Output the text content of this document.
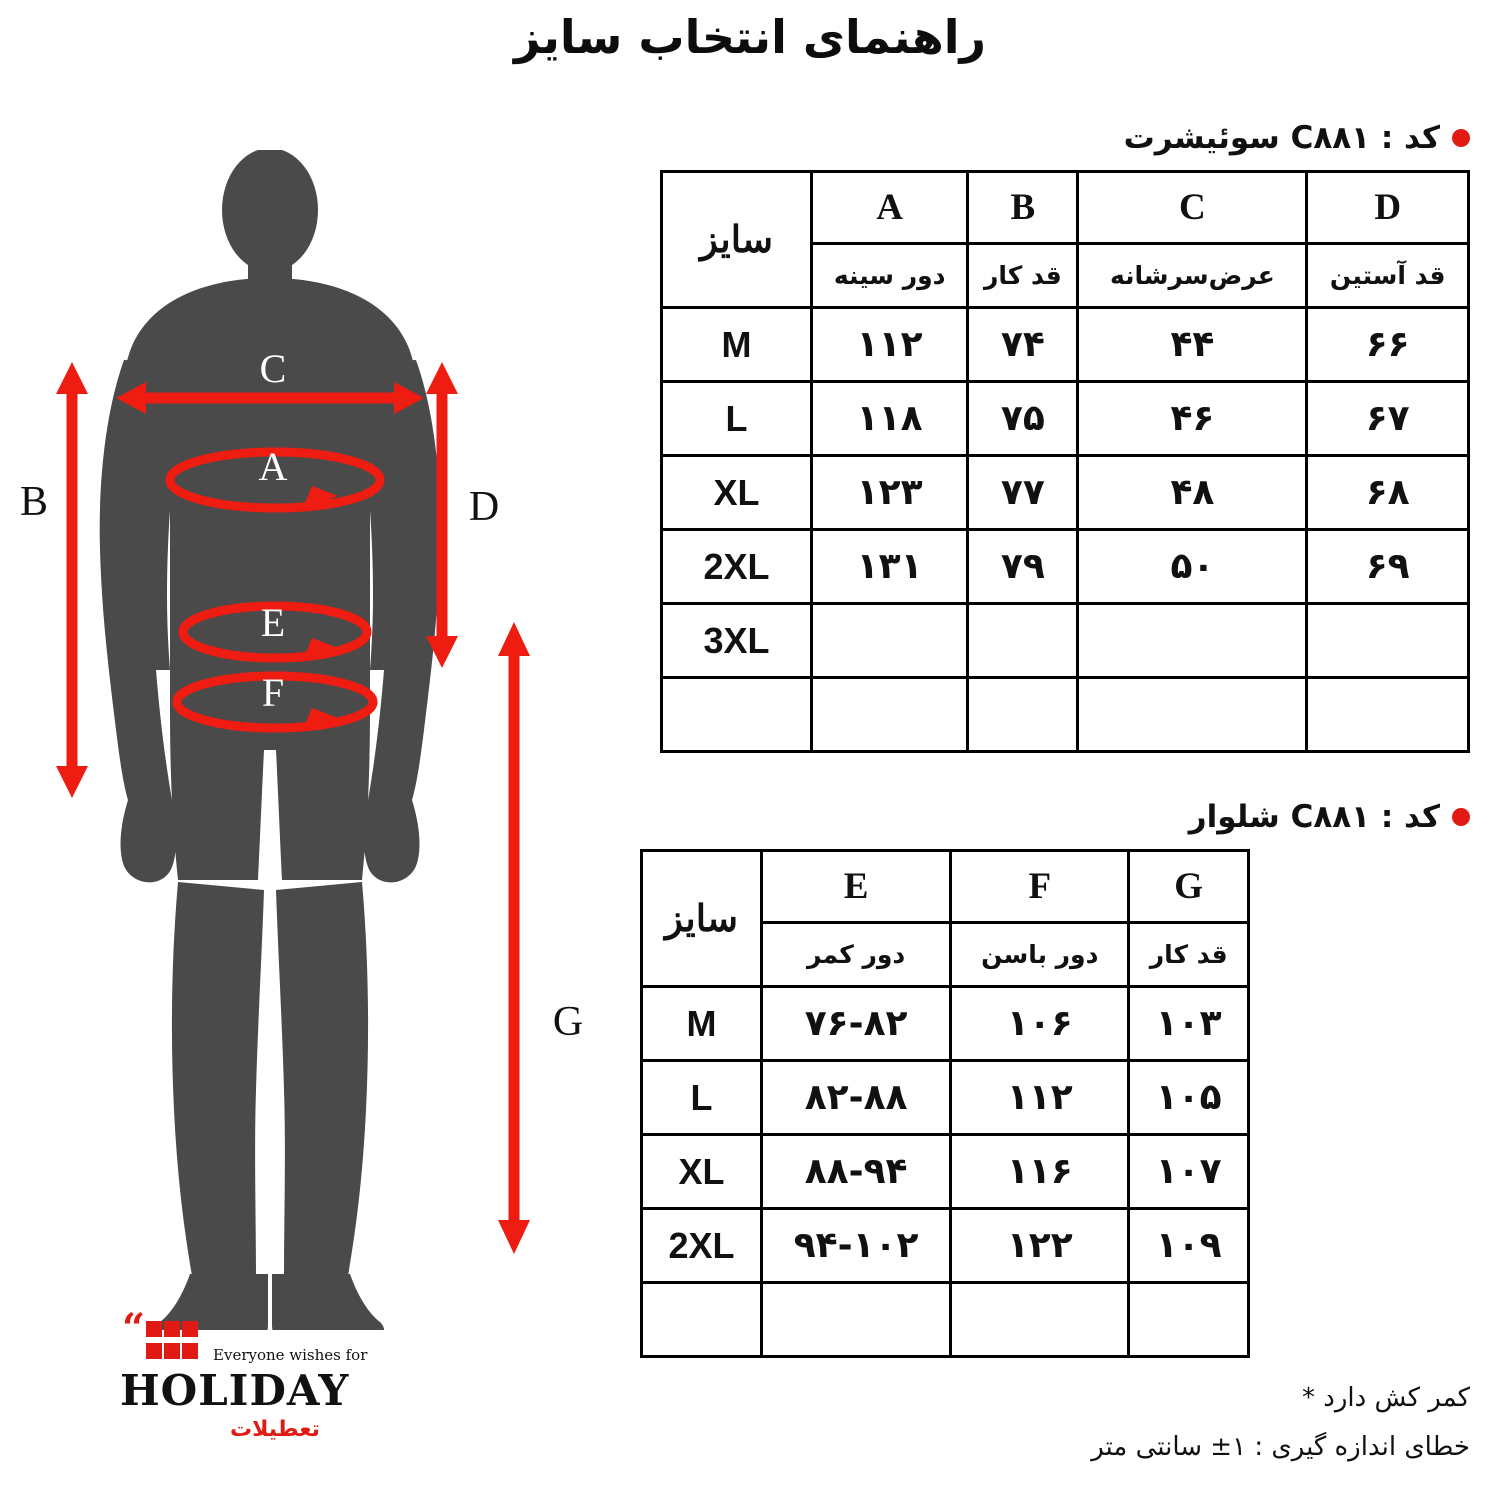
راهنمای انتخاب سایز
C
A
E
F
B	D
G
“

Everyone wishes for
HOLIDAY
تعطیلات
کد : C۸۸۱ سوئیشرت
D	C	B	A	سایز
قد آستین	عرض‌سرشانه	قد کار	دور سینه	
۶۶	۴۴	۷۴	۱۱۲	M
۶۷	۴۶	۷۵	۱۱۸	L
۶۸	۴۸	۷۷	۱۲۳	XL
۶۹	۵۰	۷۹	۱۳۱	2XL
				3XL

کد : C۸۸۱ شلوار
G	F	E	سایز
قد کار	دور باسن	دور کمر	
۱۰۳	۱۰۶	۷۶-۸۲	M
۱۰۵	۱۱۲	۸۲-۸۸	L
۱۰۷	۱۱۶	۸۸-۹۴	XL
۱۰۹	۱۲۲	۹۴-۱۰۲	2XL

کمر کش دارد *
خطای اندازه گیری : ۱± سانتی متر
